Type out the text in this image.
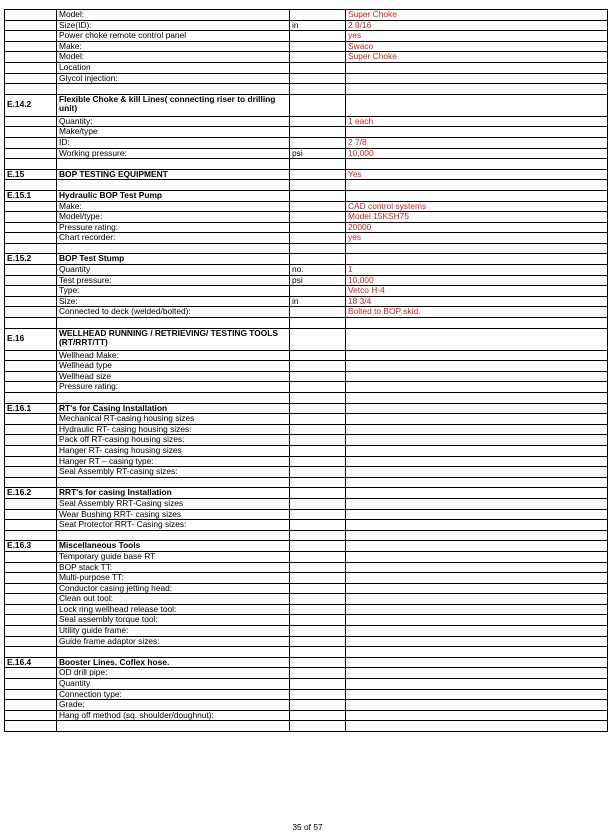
	Model:		Super Choke
	Size(ID):	in	2 9/16
	Power choke remote control panel		yes
	Make:		Swaco
	Model:		Super Choke
	Location		
	Glycol injection:		

E.14.2	Flexible Choke & kill Lines( connecting riser to drilling unit)		
	Quantity:		1 each
	Make/type		
	ID:		2 7/8
	Working pressure:	psi	10,000

E.15	BOP TESTING EQUIPMENT		Yes

E.15.1	Hydraulic BOP Test Pump		
	Make:		CAD control systems
	Model/type:		Model 15KSH75
	Pressure rating:		20000
	Chart recorder:		yes

E.15.2	BOP Test Stump		
	Quantity	no.	1
	Test pressure:	psi	10,000
	Type:		Vetco H-4
	Size:	in	18 3/4
	Connected to deck (welded/bolted):		Bolted to BOP skid.

E.16	WELLHEAD RUNNING / RETRIEVING/ TESTING TOOLS (RT/RRT/TT)		
	Wellhead Make:		
	Wellhead type		
	Wellhead size		
	Pressure rating:		

E.16.1	RT's for Casing Installation		
	Mechanical RT-casing housing sizes		
	Hydraulic RT- casing housing sizes:		
	Pack off RT-casing housing sizes:		
	Hanger RT- casing housing sizes		
	Hanger RT – casing type:		
	Seal Assembly RT-casing sizes:		

E.16.2	RRT's for casing Installation		
	Seal Assembly RRT-Casing sizes		
	Wear Bushing RRT- casing sizes		
	Seat Protector RRT- Casing sizes:		

E.16.3	Miscellaneous Tools		
	Temporary guide base RT		
	BOP stack TT:		
	Multi-purpose TT:		
	Conductor casing jetting head:		
	Clean out tool:		
	Lock ring wellhead release tool:		
	Seal assembly torque tool:		
	Utility guide frame:		
	Guide frame adaptor sizes:		

E.16.4	Booster Lines. Coflex hose.		
	OD drill pipe:		
	Quantity		
	Connection type:		
	Grade:		
	Hang off method (sq. shoulder/doughnut):		

35 of 57
